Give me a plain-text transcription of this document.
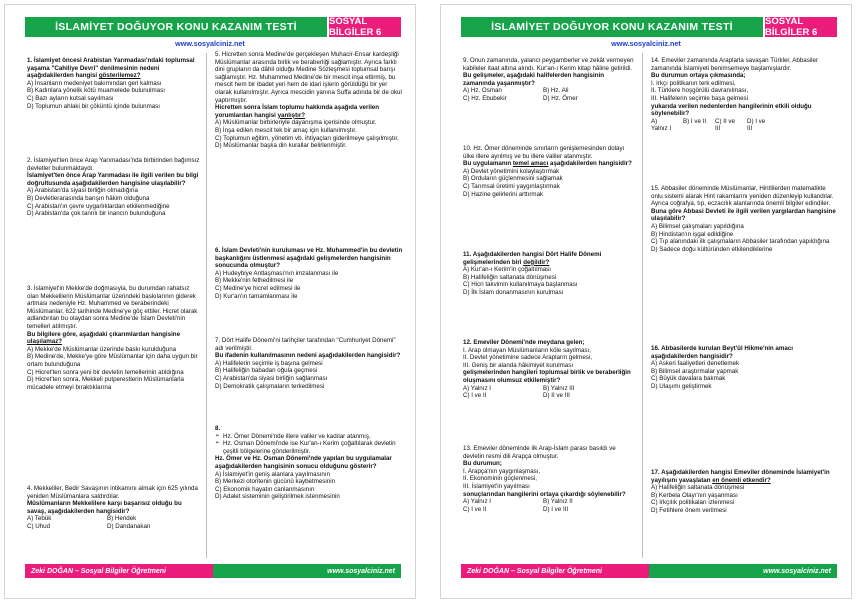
İSLAMİYET DOĞUYOR KONU KAZANIM TESTİ	SOSYAL BİLGİLER 6
www.sosyalciniz.net
1. İslamiyet öncesi Arabistan Yarımadası'ndaki toplumsal yaşama "Cahiliye Devri" denilmesinin nedeni aşağıdakilerden hangisi gösterilemez?
A) İnsanların medeniyet bakımından geri kalması
B) Kadınlara yönelik kötü muamelede bulunulması
C) Bazı ayların kutsal sayılması
D) Toplumun ahlaki bir çöküntü içinde bulunması
2. İslamiyet'ten önce Arap Yarımadası'nda birbirinden bağımsız devletler bulunmaktaydı.
İslamiyet'ten önce Arap Yarımadası ile ilgili verilen bu bilgi doğrultusunda aşağıdakilerden hangisine ulaşılabilir?
A) Arabistan'da siyasi birliğin olmadığına
B) Devletlerarasında barışın hâkim olduğuna
C) Arabistan'ın çevre uygarlıklardan etkilenmediğine
D) Arabistan'da çok tanrılı bir inancın bulunduğuna
3. İslamiyet'in Mekke'de doğmasıyla, bu durumdan rahatsız olan Mekkelilerin Müslümanlar üzerindeki baskılarının giderek artması nedeniyle Hz. Muhammed ve beraberindeki Müslümanlar, 622 tarihinde Medine'ye göç ettiler. Hicret olarak adlandırılan bu olaydan sonra Medine'de İslam Devleti'nin temelleri atılmıştır.
Bu bilgilere göre, aşağıdaki çıkarımlardan hangisine ulaşılamaz?
A) Mekke'de Müslümanlar üzerinde baskı kurulduğuna
B) Medine'de, Mekke'ye göre Müslümanlar için daha uygun bir ortam bulunduğuna
C) Hicret'ten sonra yeni bir devletin temellerinin atıldığına
D) Hicret'ten sonra, Mekkeli putperestlerin Müslümanlarla mücadele etmeyi bıraktıklarına
4. Mekkeliler, Bedir Savaşının intikamını almak için 625 yılında yeniden Müslümanlara saldırdılar.
Müslümanların Mekkelilere karşı başarısız olduğu bu savaş, aşağıdakilerden hangisidir?
A) Tebük	B) Hendek
C) Uhud	D) Dandanakan
5. Hicretten sonra Medine'de gerçekleşen Muhacir-Ensar kardeşliği Müslümanlar arasında birlik ve beraberliği sağlamıştır. Ayrıca farklı dini grupların da dâhil olduğu Medine Sözleşmesi toplumsal barışı sağlamıştır. Hz. Muhammed Medine'de bir mescit inşa ettirmiş, bu mescit hem bir ibadet yeri hem de idari işlerin görüldüğü bir yer olarak kullanılmıştır. Ayrıca mescidin yanına Suffa adında bir de okul yaptırmıştır.
Hicretten sonra İslam toplumu hakkında aşağıda verilen yorumlardan hangisi yanlıştır?
A) Müslümanlar birbirleriyle dayanışma içerisinde olmuştur.
B) İnşa edilen mescit tek bir amaç için kullanılmıştır.
C) Toplumun eğitim, yönetim vb. ihtiyaçları giderilmeye çalışılmıştır.
D) Müslümanlar başka din kurallar belirlenmiştir.
6. İslam Devleti'nin kuruluması ve Hz. Muhammed'in bu devletin başkanlığını üstlenmesi aşağıdaki gelişmelerden hangisinin sonucunda olmuştur?
A) Hudeybiye Antlaşması'nın imzalanması ile
B) Mekke'nin fethedilmesi ile
C) Medine'ye hicret edilmesi ile
D) Kur'an'ın tamamlanması ile
7. Dört Halife Dönemi'ni tarihçiler tarafından "Cumhuriyet Dönemi" adı verilmiştir.
Bu ifadenin kullanılmasının nedeni aşağıdakilerden hangisidir?
A) Halifelerin seçimle iş başına gelmesi
B) Halifeliğin babadan oğula geçmesi
C) Arabistan'da siyasi birliğin sağlanması
D) Demokratik çalışmaların terkedilmesi
8.
➢ Hz. Ömer Dönemi'nde illere valiler ve kadılar atanmış,
➢ Hz. Osman Dönemi'nde ise Kur'an-ı Kerim çoğaltılarak devletin çeşitli bölgelerine gönderilmiştir.
Hz. Ömer ve Hz. Osman Dönemi'nde yapılan bu uygulamalar aşağıdakilerden hangisinin sonucu olduğunu gösterir?
A) İslamiyet'in geniş alanlara yayılmasının
B) Merkezi otoritenin gücünü kaybetmesinin
C) Ekonomik hayatın canlanmasının
D) Adalet sisteminin geliştirilmek istenmesinin
Zeki DOĞAN – Sosyal Bilgiler Öğretmeni	www.sosyalciniz.net
İSLAMİYET DOĞUYOR KONU KAZANIM TESTİ	SOSYAL BİLGİLER 6
www.sosyalciniz.net
9. Onun zamanında, yalancı peygamberler ve zekât vermeyen kabileler itaat altına alındı. Kur'an-ı Kerim kitap hâline getirildi.
Bu gelişmeler, aşağıdaki halifelerden hangisinin zamanında yaşanmıştır?
A) Hz. Osman	B) Hz. Ali
C) Hz. Ebubekir	D) Hz. Ömer
10. Hz. Ömer döneminde sınırların genişlemesinden dolayı ülke illere ayrılmış ve bu illere valiler atanmıştır.
Bu uygulamanın temel amacı aşağıdakilerden hangisidir?
A) Devlet yönetimini kolaylaştırmak
B) Orduların güçlenmesini sağlamak
C) Tarımsal üretimi yaygınlaştırmak
D) Hazine gelirlerini arttırmak
11. Aşağıdakilerden hangisi Dört Halife Dönemi gelişmelerinden biri değildir?
A) Kur'an-ı Kerim'in çoğaltılması
B) Halifeliğin saltanata dönüşmesi
C) Hicri takvimin kullanılmaya başlanması
D) İlk İslam donanmasının kurulması
12. Emeviler Dönemi'nde meydana gelen;
I. Arap olmayan Müslümanların köle sayılması,
II. Devlet yönetimine sadece Arapların gelmesi,
III. Geniş bir alanda hâkimiyet kurulması
gelişmelerinden hangileri toplumsal birlik ve beraberliğin oluşmasını olumsuz etkilemiştir?
A) Yalnız I	B) Yalnız III
C) I ve II	D) II ve III
13. Emeviler döneminde ilk Arap-İslam parası basıldı ve devletin resmi dili Arapça olmuştur.
Bu durumun;
I. Arapça'nın yaygınlaşması,
II. Ekonominin güçlenmesi,
III. İslamiyet'in yayılması
sonuçlarından hangilerini ortaya çıkardığı söylenebilir?
A) Yalnız I	B) Yalnız II
C) I ve II	D) I ve III
14. Emeviler zamanında Araplarla savaşan Türkler, Abbasiler zamanında İslamiyeti benimsemeye başlamışlardır.
Bu durumun ortaya çıkmasında;
I. Irkçı politikanın terk edilmesi,
II. Türklere hoşgörülü davranılması,
III. Halifelerin seçimle başa gelmesi
yukarıda verilen nedenlerden hangilerinin etkili olduğu söylenebilir?
A) Yalnız I
B) I ve II C) II ve III
D) I ve III
15. Abbasiler döneminde Müslümanlar, Hintlilerden matematikte onlu sistemi alarak Hint rakamlarını yeniden düzenleyip kullandılar. Ayrıca coğrafya, tıp, eczacılık alanlarında önemli bilgiler edindiler.
Buna göre Abbasi Devleti ile ilgili verilen yargılardan hangisine ulaşılabilir?
A) Bilimsel çalışmaları yapıldığına
B) Hindistan'ın işgal edildiğine
C) Tıp alanındaki ilk çalışmaların Abbasiler tarafından yapıldığına
D) Sadece doğu kültüründen etkilendiklerine
16. Abbasilerde kurulan Beyt'ül Hikme'nin amacı aşağıdakilerden hangisidir?
A) Askeri faaliyetleri denetlemek
B) Bilimsel araştırmalar yapmak
C) Büyük davalara bakmak
D) Ulaşımı geliştirmek
17. Aşağıdakilerden hangisi Emeviler döneminde İslamiyet'in yayılışını yavaşlatan en önemli etkendir?
A) Halifeliğin saltanata dönüşmesi
B) Kerbela Olayı'nın yaşanması
C) Irkçılık politikaları izlenmesi
D) Fetihlere önem verilmesi
Zeki DOĞAN – Sosyal Bilgiler Öğretmeni	www.sosyalciniz.net
